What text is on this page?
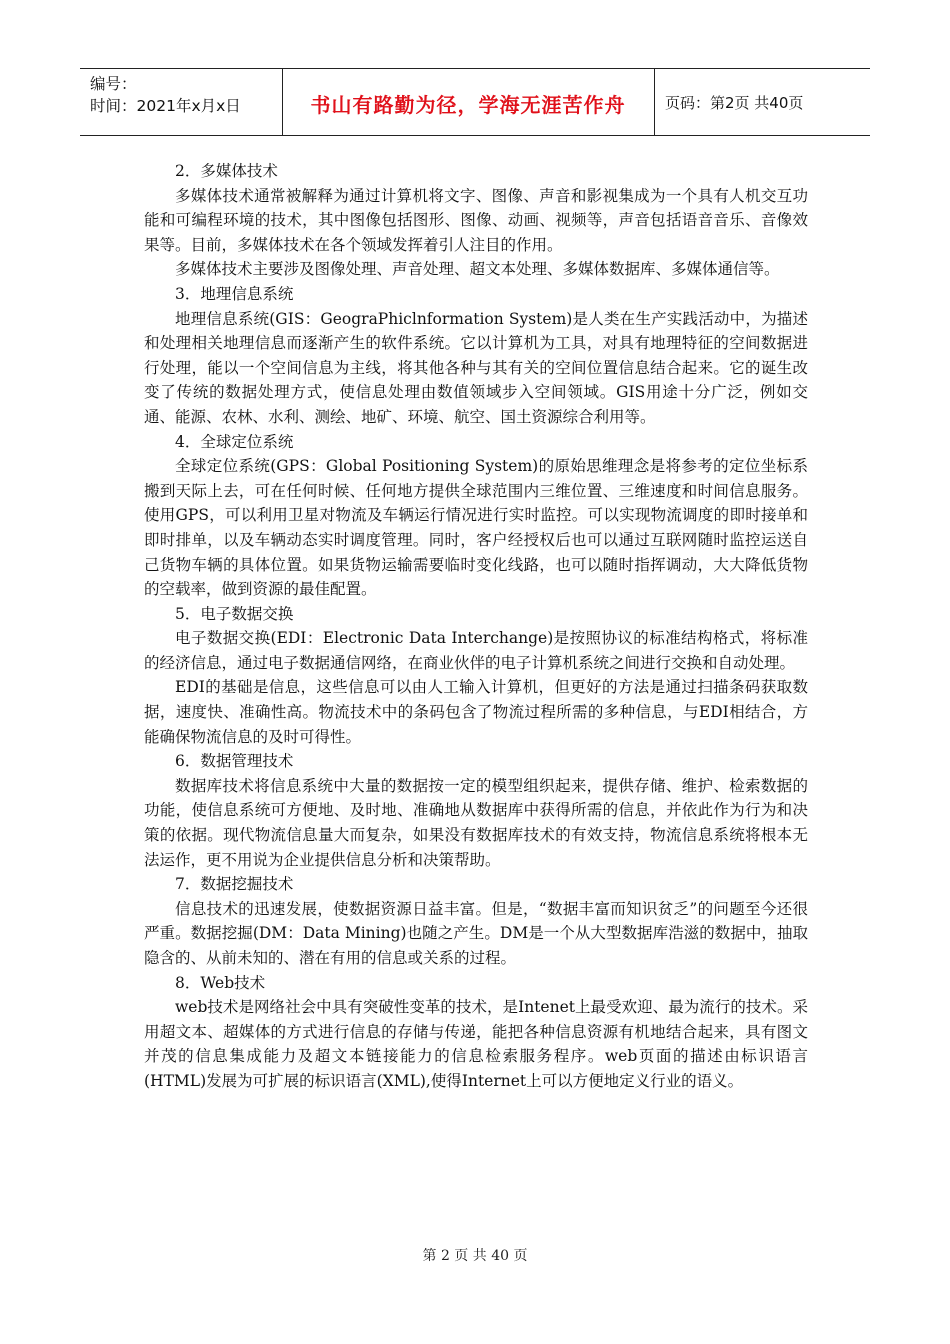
编号：
时间：2021年x月x日	书山有路勤为径，学海无涯苦作舟	页码：第2页 共40页

2．多媒体技术

多媒体技术通常被解释为通过计算机将文字、图像、声音和影视集成为一个具有人机交互功能和可编程环境的技术，其中图像包括图形、图像、动画、视频等，声音包括语音音乐、音像效果等。目前，多媒体技术在各个领域发挥着引人注目的作用。

多媒体技术主要涉及图像处理、声音处理、超文本处理、多媒体数据库、多媒体通信等。

3．地理信息系统

地理信息系统(GIS：GeograPhiclnformation System)是人类在生产实践活动中，为描述和处理相关地理信息而逐渐产生的软件系统。它以计算机为工具，对具有地理特征的空间数据进行处理，能以一个空间信息为主线，将其他各种与其有关的空间位置信息结合起来。它的诞生改变了传统的数据处理方式，使信息处理由数值领域步入空间领域。GIS用途十分广泛，例如交通、能源、农林、水利、测绘、地矿、环境、航空、国土资源综合利用等。

4．全球定位系统

全球定位系统(GPS：Global Positioning System)的原始思维理念是将参考的定位坐标系搬到天际上去，可在任何时候、任何地方提供全球范围内三维位置、三维速度和时间信息服务。使用GPS，可以利用卫星对物流及车辆运行情况进行实时监控。可以实现物流调度的即时接单和即时排单，以及车辆动态实时调度管理。同时，客户经授权后也可以通过互联网随时监控运送自己货物车辆的具体位置。如果货物运输需要临时变化线路，也可以随时指挥调动，大大降低货物的空载率，做到资源的最佳配置。

5．电子数据交换

电子数据交换(EDI：Electronic Data Interchange)是按照协议的标准结构格式，将标准的经济信息，通过电子数据通信网络，在商业伙伴的电子计算机系统之间进行交换和自动处理。

EDI的基础是信息，这些信息可以由人工输入计算机，但更好的方法是通过扫描条码获取数据，速度快、准确性高。物流技术中的条码包含了物流过程所需的多种信息，与EDI相结合，方能确保物流信息的及时可得性。

6．数据管理技术

数据库技术将信息系统中大量的数据按一定的模型组织起来，提供存储、维护、检索数据的功能，使信息系统可方便地、及时地、准确地从数据库中获得所需的信息，并依此作为行为和决策的依据。现代物流信息量大而复杂，如果没有数据库技术的有效支持，物流信息系统将根本无法运作，更不用说为企业提供信息分析和决策帮助。

7．数据挖掘技术

信息技术的迅速发展，使数据资源日益丰富。但是，“数据丰富而知识贫乏”的问题至今还很严重。数据挖掘(DM：Data Mining)也随之产生。DM是一个从大型数据库浩滋的数据中，抽取隐含的、从前未知的、潜在有用的信息或关系的过程。

8．Web技术

web技术是网络社会中具有突破性变革的技术，是Intenet上最受欢迎、最为流行的技术。采用超文本、超媒体的方式进行信息的存储与传递，能把各种信息资源有机地结合起来，具有图文并茂的信息集成能力及超文本链接能力的信息检索服务程序。web页面的描述由标识语言(HTML)发展为可扩展的标识语言(XML),使得Internet上可以方便地定义行业的语义。

第 2 页 共 40 页
